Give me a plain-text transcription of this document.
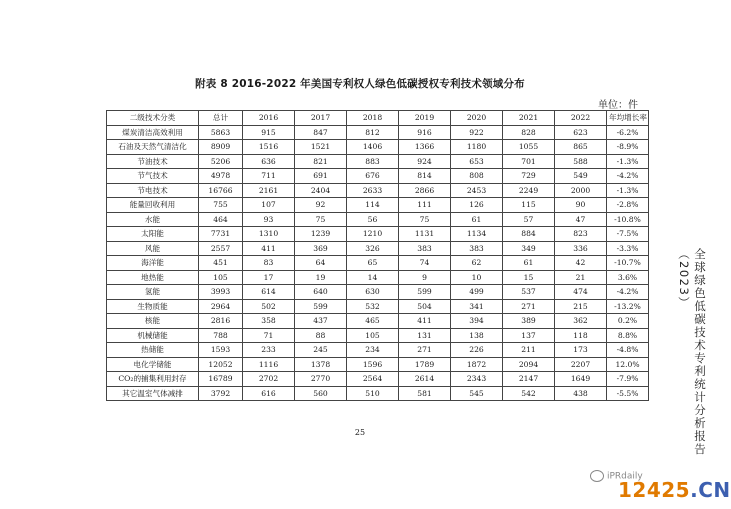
附表 8 2016-2022 年美国专利权人绿色低碳授权专利技术领域分布
单位：件
二级技术分类	总计	2016	2017	2018	2019	2020	2021	2022	年均增长率
煤炭清洁高效利用	5863	915	847	812	916	922	828	623	-6.2%
石油及天然气清洁化	8909	1516	1521	1406	1366	1180	1055	865	-8.9%
节油技术	5206	636	821	883	924	653	701	588	-1.3%
节气技术	4978	711	691	676	814	808	729	549	-4.2%
节电技术	16766	2161	2404	2633	2866	2453	2249	2000	-1.3%
能量回收利用	755	107	92	114	111	126	115	90	-2.8%
水能	464	93	75	56	75	61	57	47	-10.8%
太阳能	7731	1310	1239	1210	1131	1134	884	823	-7.5%
风能	2557	411	369	326	383	383	349	336	-3.3%
海洋能	451	83	64	65	74	62	61	42	-10.7%
地热能	105	17	19	14	9	10	15	21	3.6%
氢能	3993	614	640	630	599	499	537	474	-4.2%
生物质能	2964	502	599	532	504	341	271	215	-13.2%
核能	2816	358	437	465	411	394	389	362	0.2%
机械储能	788	71	88	105	131	138	137	118	8.8%
热储能	1593	233	245	234	271	226	211	173	-4.8%
电化学储能	12052	1116	1378	1596	1789	1872	2094	2207	12.0%
CO₂的捕集利用封存	16789	2702	2770	2564	2614	2343	2147	1649	-7.9%
其它温室气体减排	3792	616	560	510	581	545	542	438	-5.5%
25	全球绿色低碳技术专利统计分析报告（2023）
iPRdaily
12425.CN
